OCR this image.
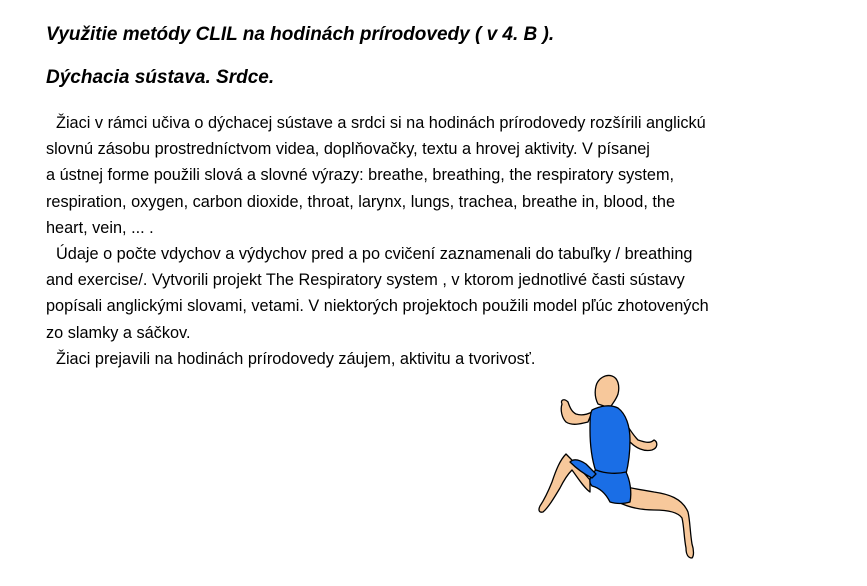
Využitie metódy CLIL na hodinách prírodovedy ( v 4. B ).
Dýchacia sústava. Srdce.
Žiaci v rámci učiva o dýchacej sústave a srdci si na hodinách prírodovedy rozšírili anglickú
slovnú zásobu prostredníctvom videa, doplňovačky, textu a hrovej aktivity. V písanej
a ústnej forme použili slová a slovné výrazy: breathe, breathing, the respiratory system,
respiration, oxygen, carbon dioxide, throat, larynx, lungs, trachea, breathe in, blood, the
heart, vein, ... .
Údaje o počte vdychov a výdychov pred a po cvičení zaznamenali do tabuľky / breathing
and exercise/. Vytvorili projekt The Respiratory system , v ktorom jednotlivé časti sústavy
popísali anglickými slovami, vetami. V niektorých projektoch použili model pľúc zhotovených
zo slamky a sáčkov.
Žiaci prejavili na hodinách prírodovedy záujem, aktivitu a tvorivosť.
